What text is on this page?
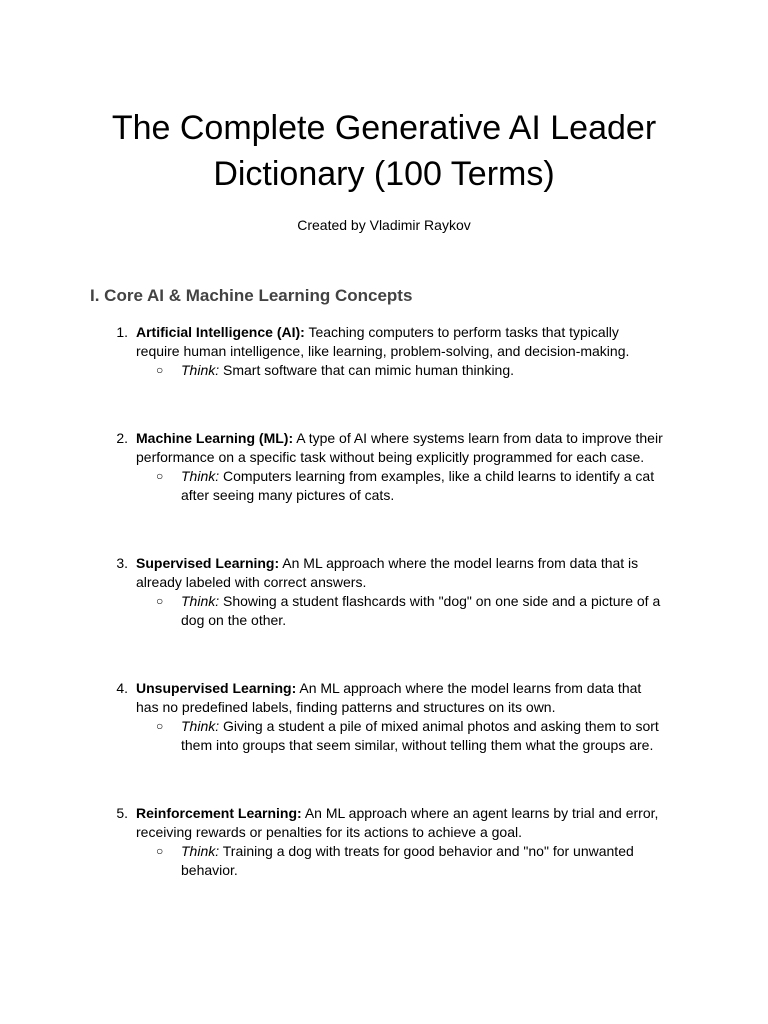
The Complete Generative AI Leader Dictionary (100 Terms)

Created by Vladimir Raykov

I. Core AI & Machine Learning Concepts
1. Artificial Intelligence (AI): Teaching computers to perform tasks that typically require human intelligence, like learning, problem-solving, and decision-making.

○ Think: Smart software that can mimic human thinking.

2. Machine Learning (ML): A type of AI where systems learn from data to improve their performance on a specific task without being explicitly programmed for each case.

○ Think: Computers learning from examples, like a child learns to identify a cat after seeing many pictures of cats.

3. Supervised Learning: An ML approach where the model learns from data that is already labeled with correct answers.

○ Think: Showing a student flashcards with "dog" on one side and a picture of a dog on the other.

4. Unsupervised Learning: An ML approach where the model learns from data that has no predefined labels, finding patterns and structures on its own.

○ Think: Giving a student a pile of mixed animal photos and asking them to sort them into groups that seem similar, without telling them what the groups are.

5. Reinforcement Learning: An ML approach where an agent learns by trial and error, receiving rewards or penalties for its actions to achieve a goal.

○ Think: Training a dog with treats for good behavior and "no" for unwanted behavior.
